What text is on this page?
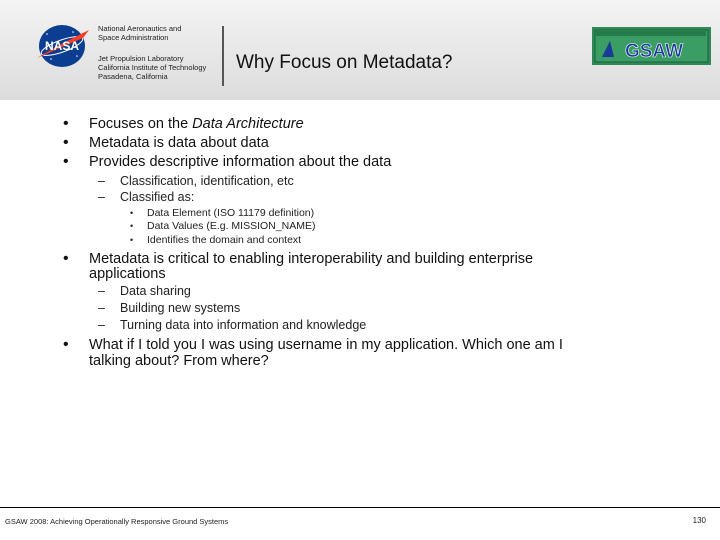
NASA
National Aeronautics and
Space Administration
Jet Propulsion Laboratory
California Institute of Technology
Pasadena, California
Why Focus on Metadata?
GSAW
• Focuses on the Data Architecture
• Metadata is data about data
• Provides descriptive information about the data
– Classification, identification, etc
– Classified as:
• Data Element (ISO 11179 definition)
• Data Values (E.g. MISSION_NAME)
• Identifies the domain and context
• Metadata is critical to enabling interoperability and building enterprise
applications
– Data sharing
– Building new systems
– Turning data into information and knowledge
• What if I told you I was using username in my application. Which one am I
talking about? From where?
GSAW 2008: Achieving Operationally Responsive Ground Systems	130
